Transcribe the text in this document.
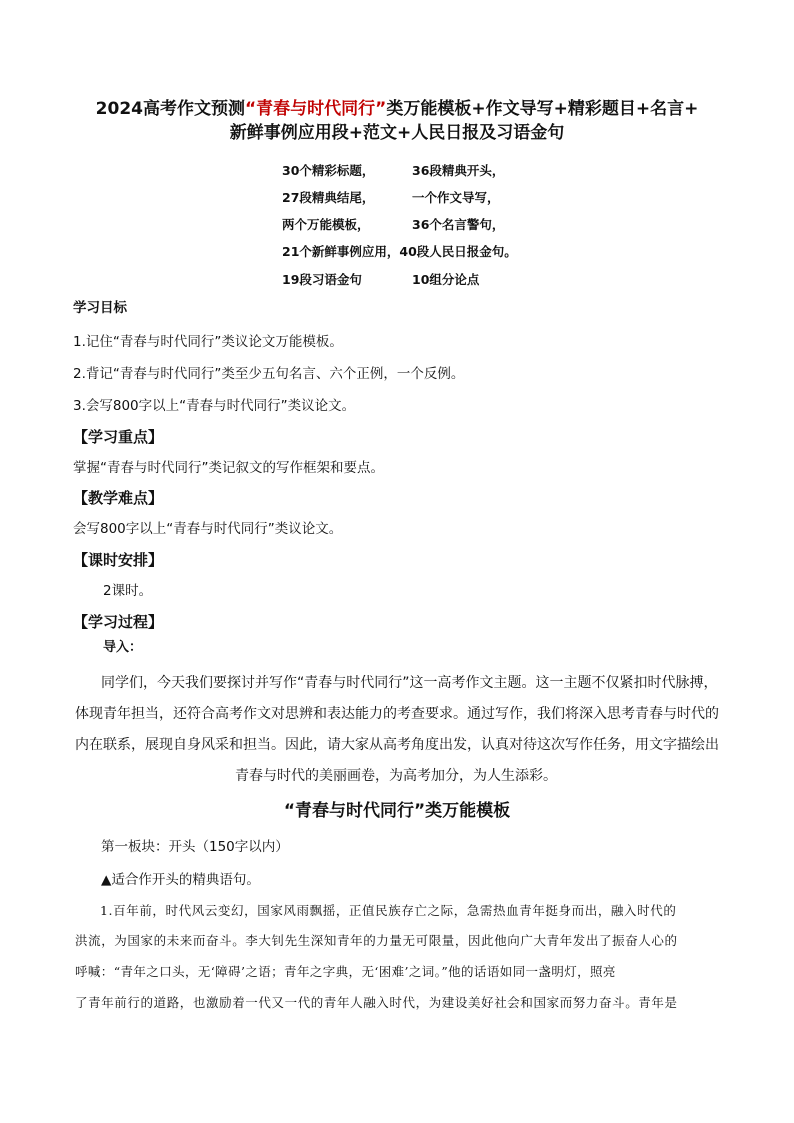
2024高考作文预测“青春与时代同行”类万能模板+作文导写+精彩题目+名言+
新鲜事例应用段+范文+人民日报及习语金句
30个精彩标题，	36段精典开头，
27段精典结尾，	一个作文导写，
两个万能模板，	36个名言警句，
21个新鲜事例应用，40段人民日报金句。
19段习语金句	10组分论点
学习目标
1.记住“青春与时代同行”类议论文万能模板。
2.背记“青春与时代同行”类至少五句名言、六个正例，一个反例。
3.会写800字以上“青春与时代同行”类议论文。
【学习重点】
掌握“青春与时代同行”类记叙文的写作框架和要点。
【教学难点】
会写800字以上“青春与时代同行”类议论文。
【课时安排】
2课时。
【学习过程】
导入：
同学们，今天我们要探讨并写作“青春与时代同行”这一高考作文主题。这一主题不仅紧扣时代脉搏，
体现青年担当，还符合高考作文对思辨和表达能力的考查要求。通过写作，我们将深入思考青春与时代的
内在联系，展现自身风采和担当。因此，请大家从高考角度出发，认真对待这次写作任务，用文字描绘出
青春与时代的美丽画卷，为高考加分，为人生添彩。
“青春与时代同行”类万能模板
第一板块：开头（150字以内）
▲适合作开头的精典语句。
1.百年前，时代风云变幻，国家风雨飘摇，正值民族存亡之际，急需热血青年挺身而出，融入时代的
洪流，为国家的未来而奋斗。李大钊先生深知青年的力量无可限量，因此他向广大青年发出了振奋人心的
呼喊：“青年之口头，无‘障碍’之语；青年之字典，无‘困难’之词。”他的话语如同一盏明灯，照亮
了青年前行的道路，也激励着一代又一代的青年人融入时代，为建设美好社会和国家而努力奋斗。青年是
